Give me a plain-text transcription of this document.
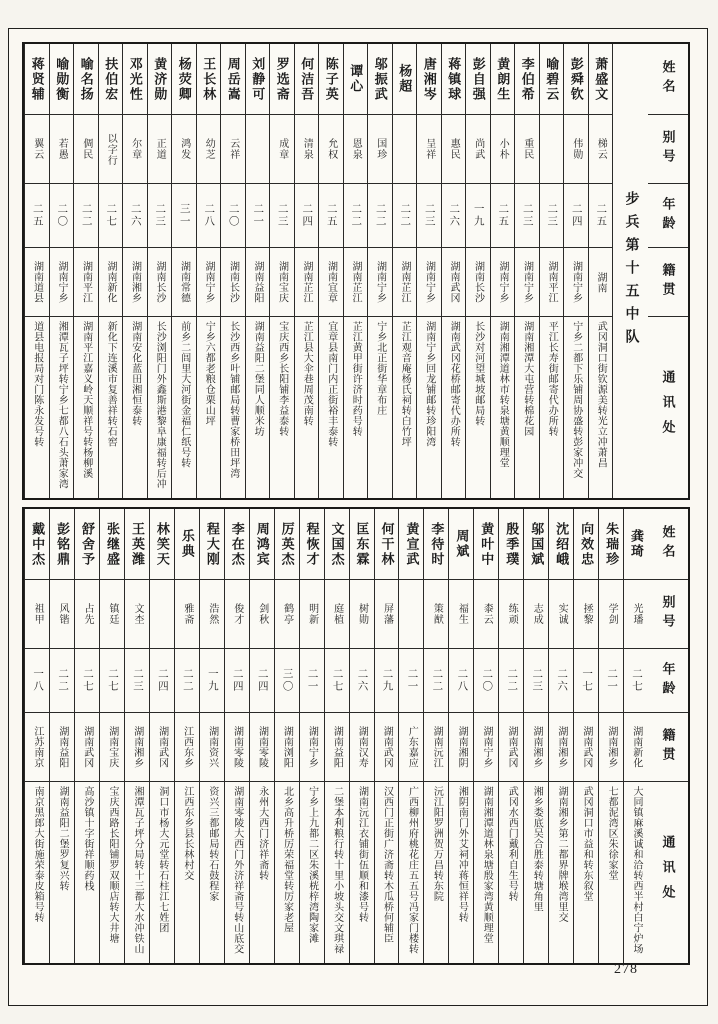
姓名
别号
年龄
籍贯
通讯处
步兵第十五中队
萧盛文
梯云
二五
湖南
武冈洞口街钦源美转光立冲萧昌
彭舜钦
伟勋
二四
湖南宁乡
宁乡二都下乐铺周协盛转彭家冲交
喻碧云
二三
湖南平江
平江长寿街邮寄代办所转
李伯希
重民
二三
湖南宁乡
湖南湘潭大屯营转棉花园
黄朗生
小朴
二五
湖南宁乡
湖南湘潭道林市转泉塘黄顺理堂
彭自强
尚武
一九
湖南长沙
长沙对河望城坡邮局转
蒋镇球
惠民
二六
湖南武冈
湖南武冈花桥邮寄代办所转
唐湘岑
呈祥
二三
湖南宁乡
湖南宁乡回龙铺邮转珍阳湾
杨超
二二
湖南芷江
芷江观音庵杨氏祠转白竹坪
邬振武
国珍
二二
湖南宁乡
宁乡北正街华章布庄
谭心
恩泉
二二
湖南芷江
芷江黄甲街许济时药号转
陈子英
允权
二五
湖南宜章
宜章县南门内正街裕丰泰转
何洁吾
清泉
二四
湖南芷江
芷江县大伞巷周茂南转
罗选斋
成章
二三
湖南宝庆
宝庆西乡长阳铺李益泰转
刘静可
二一
湖南益阳
湖南益阳二堡同人顺米坊
周岳嵩
云祥
二〇
湖南长沙
长沙西乡叶铺邮局转曹家桥田坪湾
王长林
幼芝
二八
湖南宁乡
宁乡六都老粮仓栗山坪
杨荧卿
鸿发
三一
湖南常德
前乡二闾里大河街金福仁纸号转
黄济勋
正道
二三
湖南长沙
长沙浏阳门外鑫斯港黎阜康福转后冲
邓光性
尔章
二六
湖南湘乡
湖南安化蓝田湘恒泰转
扶伯宏
以字行
二七
湖南新化
新化下连溪市复善祥转石窖
喻名扬
倜民
二二
湖南平江
湖南平江嘉义岭天顺祥号转杨柳溪
喻勋衡
若愚
二〇
湖南宁乡
湘潭瓦子坪转宁乡七都八石头萧家湾
蒋贤辅
翼云
二五
湖南道县
道县电报局对门陈永发号转
姓名
别号
年龄
籍贯
通讯处
龚琦
光璠
二七
湖南新化
大同镇麻溪诚和洽转西半村白宁炉场
朱瑞珍
学剑
二一
湖南湘乡
七都泥湾区朱徐家堂
向效忠
拯黎
一七
湖南武冈
武冈洞口市益和转东叙堂
沈绍峨
实诚
二六
湖南湘乡
湖南湘乡第二都界牌堠湾里交
邬国斌
志成
二三
湖南湘乡
湘乡娄底吴合胜泰转塘角里
殷季璞
练顽
二二
湖南武冈
武冈水西门戴利自生号转
黄叶中
桼云
二〇
湖南宁乡
湖南湘潭道林泉塘殷家湾黄顺理堂
周斌
福生
二八
湖南湘阴
湘阴南门外艾祠冲蒋恒祥号转
李待时
策猷
二二
湖南沅江
沅江阳罗洲贺万昌转东院
黄宣武
二一
广东嘉应
广西柳州府桃花庄五五号冯家门楼转
何干林
屏藩
二九
湖南武冈
汉西门正街广济斋转木瓜桥何辅臣
匡东霖
树勋
二六
湖南汉寿
湖南沅江衣铺街伍顺和漆号转
文国杰
庭植
二七
湖南益阳
二堡本利粮行转十里小坡头交文琪禄
程恢才
明新
二一
湖南宁乡
宁乡上九都二区朱溪桄梓湾陶家滩
厉英杰
鹤亭
三〇
湖南浏阳
北乡高升桥厉荣福堂转厉家老屋
周鸿宾
剑秋
二四
湖南零陵
永州大西门济祥斋转
李在杰
俊才
二四
湖南零陵
湖南零陵大西门外济祥斋号转山底交
程大刚
浩然
一九
湖南资兴
资兴三都邮局转石鼓程家
乐典
雅斋
二二
江西东乡
江西东乡县长林村交
林笑天
二四
湖南武冈
洞口市杨大元堂转石柱江七姓团
王英潍
文杢
二三
湖南湘乡
湘潭瓦子坪分局转十三都大水冲铁山
张继盛
镇廷
二七
湖南宝庆
宝庆西路长阳铺罗双顺店转大井塘
舒舍予
占先
二七
湖南武冈
高沙镇十字街祥顺药栈
彭铭鼎
风锴
二二
湖南益阳
湖南益阳二堡罗复兴转
戴中杰
祖甲
一八
江苏南京
南京黑郎大街施荣泰皮箱号转
278
